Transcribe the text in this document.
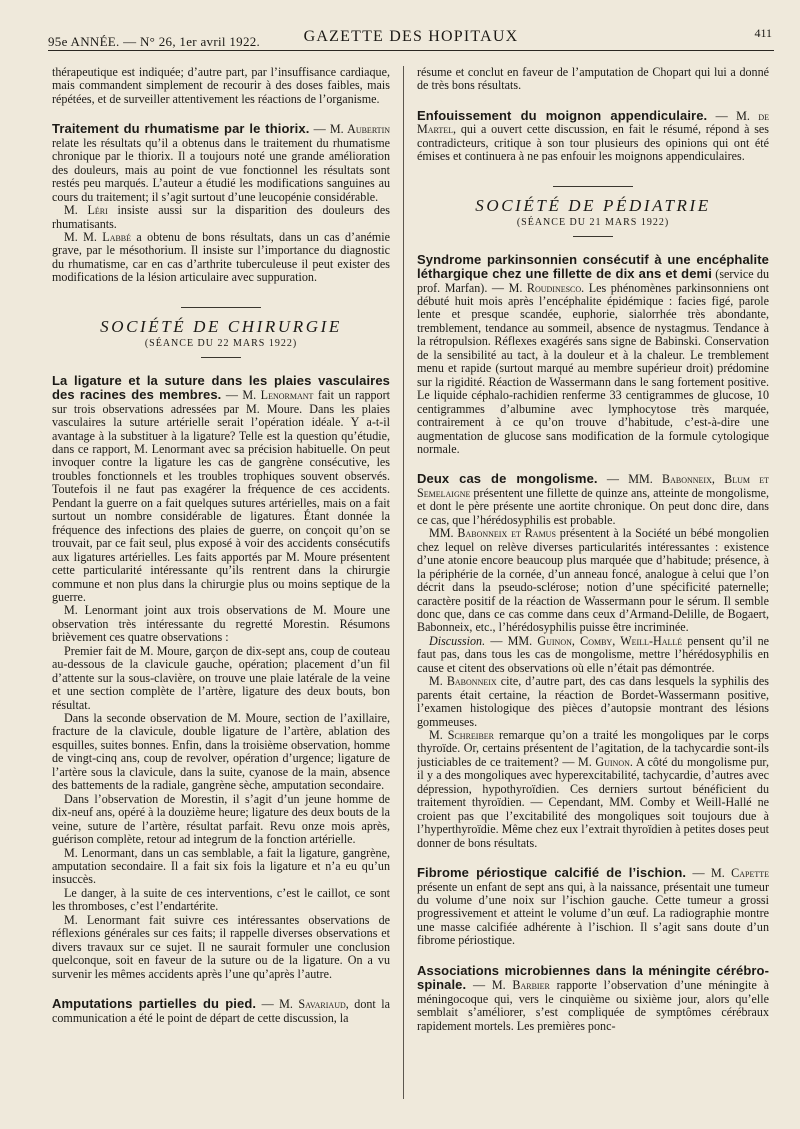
95e ANNÉE. — N° 26, 1er avril 1922.	GAZETTE DES HOPITAUX	411

thérapeutique est indiquée; d’autre part, par l’insuffisance cardiaque, mais commandent simplement de recourir à des doses faibles, mais répétées, et de surveiller attentivement les réactions de l’organisme.

Traitement du rhumatisme par le thiorix. — M. Aubertin relate les résultats qu’il a obtenus dans le traitement du rhumatisme chronique par le thiorix. Il a toujours noté une grande amélioration des douleurs, mais au point de vue fonctionnel les résultats sont restés peu marqués. L’auteur a étudié les modifications sanguines au cours du traitement; il s’agit surtout d’une leucopénie considérable.

M. Léri insiste aussi sur la disparition des douleurs des rhumatisants.

M. M. Labbé a obtenu de bons résultats, dans un cas d’anémie grave, par le mésothorium. Il insiste sur l’importance du diagnostic du rhumatisme, car en cas d’arthrite tuberculeuse il peut exister des modifications de la lésion articulaire avec suppuration.

SOCIÉTÉ DE CHIRURGIE
(SÉANCE DU 22 MARS 1922)

La ligature et la suture dans les plaies vasculaires des racines des membres. — M. Lenormant fait un rapport sur trois observations adressées par M. Moure. Dans les plaies vasculaires la suture artérielle serait l’opération idéale. Y a-t-il avantage à la substituer à la ligature? Telle est la question qu’étudie, dans ce rapport, M. Lenormant avec sa précision habituelle. On peut invoquer contre la ligature les cas de gangrène consécutive, les troubles fonctionnels et les troubles trophiques souvent observés. Toutefois il ne faut pas exagérer la fréquence de ces accidents. Pendant la guerre on a fait quelques sutures artérielles, mais on a fait surtout un nombre considérable de ligatures. Étant donnée la fréquence des infections des plaies de guerre, on conçoit qu’on se trouvait, par ce fait seul, plus exposé à voir des accidents consécutifs aux ligatures artérielles. Les faits apportés par M. Moure présentent cette particularité intéressante qu’ils rentrent dans la chirurgie commune et non plus dans la chirurgie plus ou moins septique de la guerre.

M. Lenormant joint aux trois observations de M. Moure une observation très intéressante du regretté Morestin. Résumons brièvement ces quatre observations :

Premier fait de M. Moure, garçon de dix-sept ans, coup de couteau au-dessous de la clavicule gauche, opération; placement d’un fil d’attente sur la sous-clavière, on trouve une plaie latérale de la veine et une section complète de l’artère, ligature des deux bouts, bon résultat.

Dans la seconde observation de M. Moure, section de l’axillaire, fracture de la clavicule, double ligature de l’artère, ablation des esquilles, suites bonnes. Enfin, dans la troisième observation, homme de vingt-cinq ans, coup de revolver, opération d’urgence; ligature de l’artère sous la clavicule, dans la suite, cyanose de la main, absence des battements de la radiale, gangrène sèche, amputation secondaire.

Dans l’observation de Morestin, il s’agit d’un jeune homme de dix-neuf ans, opéré à la douzième heure; ligature des deux bouts de la veine, suture de l’artère, résultat parfait. Revu onze mois après, guérison complète, retour ad integrum de la fonction artérielle.

M. Lenormant, dans un cas semblable, a fait la ligature, gangrène, amputation secondaire. Il a fait six fois la ligature et n’a eu qu’un insuccès.

Le danger, à la suite de ces interventions, c’est le caillot, ce sont les thromboses, c’est l’endartérite.

M. Lenormant fait suivre ces intéressantes observations de réflexions générales sur ces faits; il rappelle diverses observations et divers travaux sur ce sujet. Il ne saurait formuler une conclusion quelconque, soit en faveur de la suture ou de la ligature. On a vu survenir les mêmes accidents après l’une qu’après l’autre.

Amputations partielles du pied. — M. Savariaud, dont la communication a été le point de départ de cette discussion, la

résume et conclut en faveur de l’amputation de Chopart qui lui a donné de très bons résultats.

Enfouissement du moignon appendiculaire. — M. de Martel, qui a ouvert cette discussion, en fait le résumé, répond à ses contradicteurs, critique à son tour plusieurs des opinions qui ont été émises et continuera à ne pas enfouir les moignons appendiculaires.

SOCIÉTÉ DE PÉDIATRIE
(SÉANCE DU 21 MARS 1922)

Syndrome parkinsonnien consécutif à une encéphalite léthargique chez une fillette de dix ans et demi (service du prof. Marfan). — M. Roudinesco. Les phénomènes parkinsonniens ont débuté huit mois après l’encéphalite épidémique : facies figé, parole lente et presque scandée, euphorie, sialorrhée très abondante, tremblement, tendance au sommeil, absence de nystagmus. Tendance à la rétropulsion. Réflexes exagérés sans signe de Babinski. Conservation de la sensibilité au tact, à la douleur et à la chaleur. Le tremblement menu et rapide (surtout marqué au membre supérieur droit) prédomine sur la rigidité. Réaction de Wassermann dans le sang fortement positive. Le liquide céphalo-rachidien renferme 33 centigrammes de glucose, 10 centigrammes d’albumine avec lymphocytose très marquée, contrairement à ce qu’on trouve d’habitude, c’est-à-dire une augmentation de glucose sans modification de la formule cytologique normale.

Deux cas de mongolisme. — MM. Babonneix, Blum et Semelaigne présentent une fillette de quinze ans, atteinte de mongolisme, et dont le père présente une aortite chronique. On peut donc dire, dans ce cas, que l’hérédosyphilis est probable.

MM. Babonneix et Ramus présentent à la Société un bébé mongolien chez lequel on relève diverses particularités intéressantes : existence d’une atonie encore beaucoup plus marquée que d’habitude; présence, à la périphérie de la cornée, d’un anneau foncé, analogue à celui que l’on décrit dans la pseudo-sclérose; notion d’une spécificité paternelle; caractère positif de la réaction de Wassermann pour le sérum. Il semble donc que, dans ce cas comme dans ceux d’Armand-Delille, de Bogaert, Babonneix, etc., l’hérédosyphilis puisse être incriminée.

Discussion. — MM. Guinon, Comby, Weill-Hallé pensent qu’il ne faut pas, dans tous les cas de mongolisme, mettre l’hérédosyphilis en cause et citent des observations où elle n’était pas démontrée.

M. Babonneix cite, d’autre part, des cas dans lesquels la syphilis des parents était certaine, la réaction de Bordet-Wassermann positive, l’examen histologique des pièces d’autopsie montrant des lésions gommeuses.

M. Schreiber remarque qu’on a traité les mongoliques par le corps thyroïde. Or, certains présentent de l’agitation, de la tachycardie sont-ils justiciables de ce traitement? — M. Guinon. A côté du mongolisme pur, il y a des mongoliques avec hyperexcitabilité, tachycardie, d’autres avec dépression, hypothyroïdien. Ces derniers surtout bénéficient du traitement thyroïdien. — Cependant, MM. Comby et Weill-Hallé ne croient pas que l’excitabilité des mongoliques soit toujours due à l’hyperthyroïdie. Même chez eux l’extrait thyroïdien à petites doses peut donner de bons résultats.

Fibrome périostique calcifié de l’ischion. — M. Capette présente un enfant de sept ans qui, à la naissance, présentait une tumeur du volume d’une noix sur l’ischion gauche. Cette tumeur a grossi progressivement et atteint le volume d’un œuf. La radiographie montre une masse calcifiée adhérente à l’ischion. Il s’agit sans doute d’un fibrome périostique.

Associations microbiennes dans la méningite cérébro-spinale. — M. Barbier rapporte l’observation d’une méningite à méningocoque qui, vers le cinquième ou sixième jour, alors qu’elle semblait s’améliorer, s’est compliquée de symptômes cérébraux rapidement mortels. Les premières ponc-
